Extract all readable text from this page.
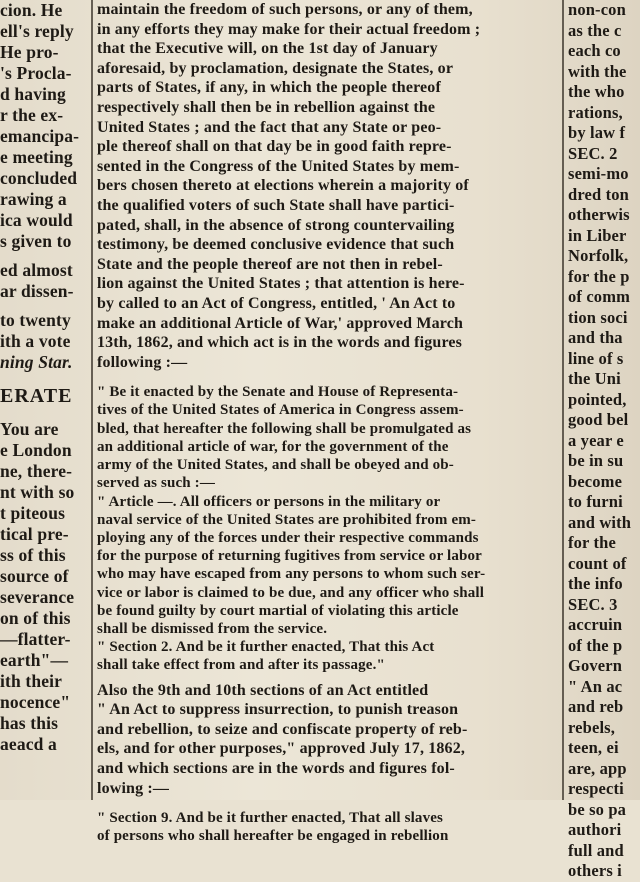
cion. He
ell's reply
He pro-
's Procla-
d having
r the ex-
emancipa-
e meeting
concluded
rawing a
ica would
s given to
ed almost
ar dissen-
to twenty
ith a vote
ning Star.
ERATE
You are
e London
ne, there-
nt with so
t piteous
tical pre-
ss of this
source of
severance
on of this
—flatter-
earth"—
ith their
nocence"
has this
aeacd a
maintain the freedom of such persons, or any of them,
in any efforts they may make for their actual freedom ;
that the Executive will, on the 1st day of January
aforesaid, by proclamation, designate the States, or
parts of States, if any, in which the people thereof
respectively shall then be in rebellion against the
United States ; and the fact that any State or peo-
ple thereof shall on that day be in good faith repre-
sented in the Congress of the United States by mem-
bers chosen thereto at elections wherein a majority of
the qualified voters of such State shall have partici-
pated, shall, in the absence of strong countervailing
testimony, be deemed conclusive evidence that such
State and the people thereof are not then in rebel-
lion against the United States ; that attention is here-
by called to an Act of Congress, entitled, ' An Act to
make an additional Article of War,' approved March
13th, 1862, and which act is in the words and figures
following :—
" Be it enacted by the Senate and House of Representa-
tives of the United States of America in Congress assem-
bled, that hereafter the following shall be promulgated as
an additional article of war, for the government of the
army of the United States, and shall be obeyed and ob-
served as such :—
" Article —. All officers or persons in the military or
naval service of the United States are prohibited from em-
ploying any of the forces under their respective commands
for the purpose of returning fugitives from service or labor
who may have escaped from any persons to whom such ser-
vice or labor is claimed to be due, and any officer who shall
be found guilty by court martial of violating this article
shall be dismissed from the service.
" Section 2. And be it further enacted, That this Act
shall take effect from and after its passage."
Also the 9th and 10th sections of an Act entitled
" An Act to suppress insurrection, to punish treason
and rebellion, to seize and confiscate property of reb-
els, and for other purposes," approved July 17, 1862,
and which sections are in the words and figures fol-
lowing :—
" Section 9. And be it further enacted, That all slaves
of persons who shall hereafter be engaged in rebellion
non-con
as the c
each co
with the
the who
rations,
by law f
SEC. 2
semi-mo
dred ton
otherwis
in Liber
Norfolk,
for the p
of comm
tion soci
and tha
line of s
the Uni
pointed,
good bel
a year e
be in su
become
to furni
and with
for the
count of
the info
SEC. 3
accruin
of the p
Govern
" An ac
and reb
rebels,
teen, ei
are, app
respecti
be so pa
authori
full and
others i
